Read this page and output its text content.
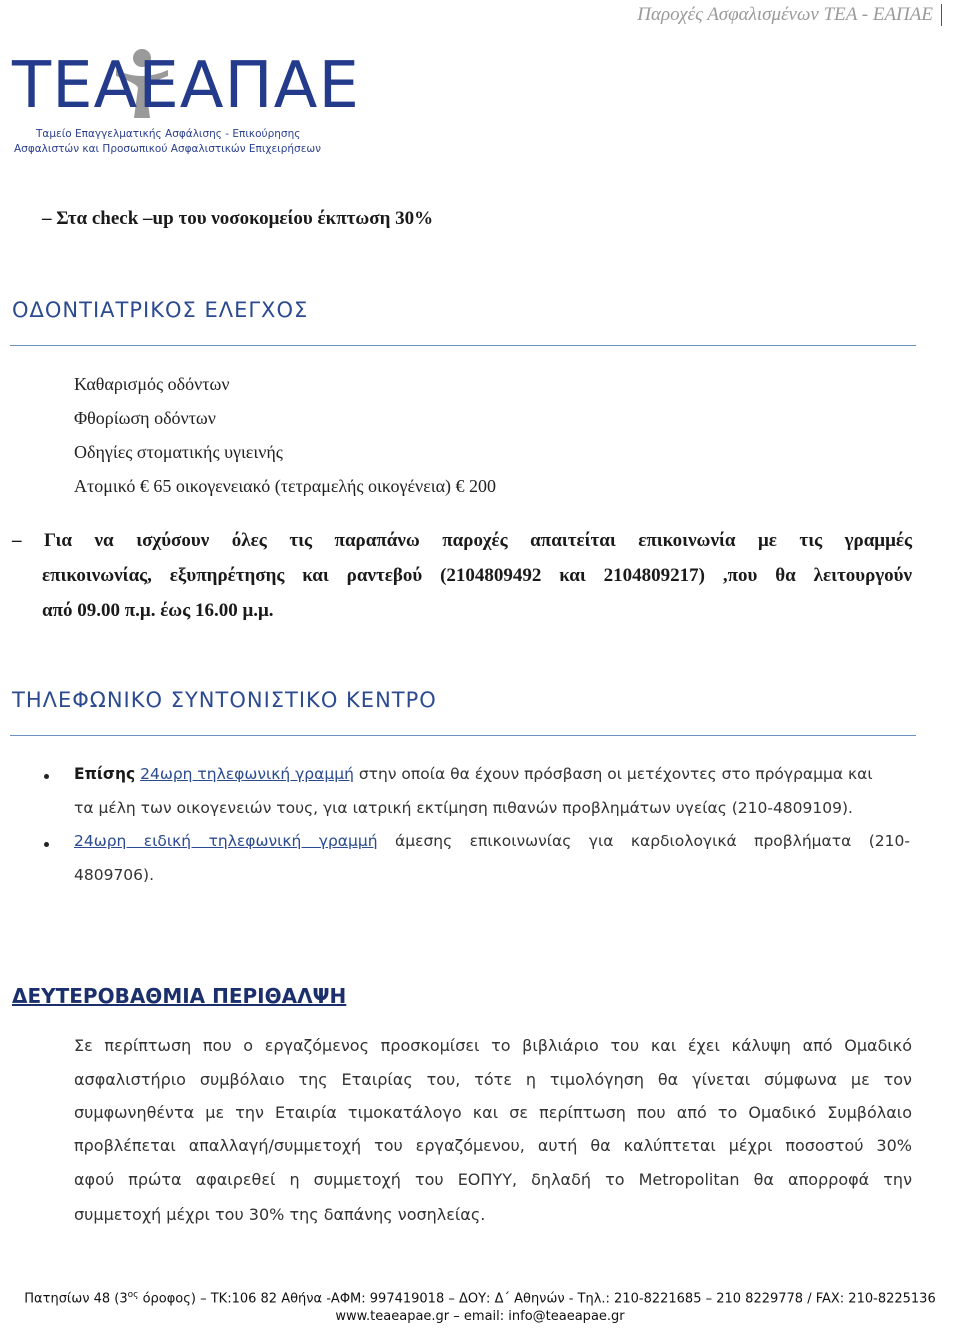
Παροχές Ασφαλισμένων ΤΕΑ - ΕΑΠΑΕ
ΤΕΑΕΑΠΑΕ
Ταμείο Επαγγελματικής Ασφάλισης - Επικούρησης
Ασφαλιστών και Προσωπικού Ασφαλιστικών Επιχειρήσεων
– Στα check –up του νοσοκομείου έκπτωση 30%
ΟΔΟΝΤΙΑΤΡΙΚΟΣ ΕΛΕΓΧΟΣ
Καθαρισμός οδόντων
Φθορίωση οδόντων
Οδηγίες στοματικής υγιεινής
Ατομικό € 65 οικογενειακό (τετραμελής οικογένεια) € 200
– Για να ισχύσουν όλες τις παραπάνω παροχές απαιτείται επικοινωνία με τις γραμμές
επικοινωνίας, εξυπηρέτησης και ραντεβού (2104809492 και 2104809217) ,που θα λειτουργούν
από 09.00 π.μ. έως 16.00 μ.μ.
ΤΗΛΕΦΩΝΙΚΟ ΣΥΝΤΟΝΙΣΤΙΚΟ ΚΕΝΤΡΟ
Επίσης 24ωρη τηλεφωνική γραμμή στην οποία θα έχουν πρόσβαση οι μετέχοντες στο πρόγραμμα και
τα μέλη των οικογενειών τους, για ιατρική εκτίμηση πιθανών προβλημάτων υγείας (210-4809109).
24ωρη ειδική τηλεφωνική γραμμή άμεσης επικοινωνίας για καρδιολογικά προβλήματα (210-
4809706).
ΔΕΥΤΕΡΟΒΑΘΜΙΑ ΠΕΡΙΘΑΛΨΗ
Σε περίπτωση που ο εργαζόμενος προσκομίσει το βιβλιάριο του και έχει κάλυψη από Ομαδικό
ασφαλιστήριο συμβόλαιο της Εταιρίας του, τότε η τιμολόγηση θα γίνεται σύμφωνα με τον
συμφωνηθέντα με την Εταιρία τιμοκατάλογο και σε περίπτωση που από το Ομαδικό Συμβόλαιο
προβλέπεται απαλλαγή/συμμετοχή του εργαζόμενου, αυτή θα καλύπτεται μέχρι ποσοστού 30%
αφού πρώτα αφαιρεθεί η συμμετοχή του ΕΟΠΥΥ, δηλαδή το Metropolitan θα απορροφά την
συμμετοχή μέχρι του 30% της δαπάνης νοσηλείας.
Πατησίων 48 ($3^{o\varsigma}$ όροφος) – ΤΚ:106 82 Αθήνα -ΑΦΜ: 997419018 – ΔΟΥ: Δ΄ Αθηνών - Τηλ.: 210-8221685 – 210 8229778 / FAX: 210-8225136
www.teaeapae.gr – email: info@teaeapae.gr
